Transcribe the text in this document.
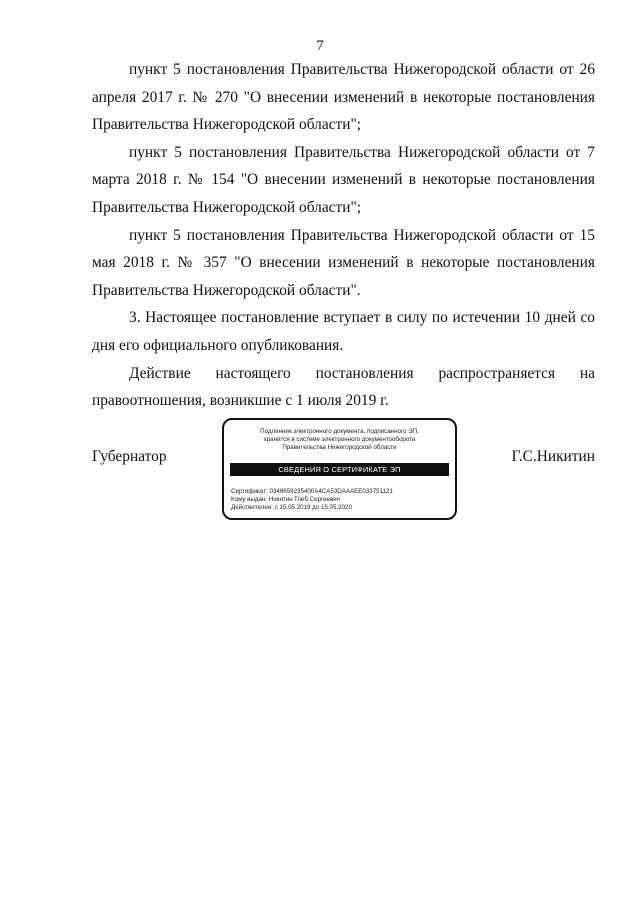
7

пункт 5 постановления Правительства Нижегородской области от 26 апреля 2017 г. № 270 "О внесении изменений в некоторые постановления Правительства Нижегородской области";

пункт 5 постановления Правительства Нижегородской области от 7 марта 2018 г. № 154 "О внесении изменений в некоторые постановления Правительства Нижегородской области";

пункт 5 постановления Правительства Нижегородской области от 15 мая 2018 г. № 357 "О внесении изменений в некоторые постановления Правительства Нижегородской области".

3. Настоящее постановление вступает в силу по истечении 10 дней со дня его официального опубликования.

Действие настоящего постановления распространяется на правоотношения, возникшие с 1 июля 2019 г.

Губернатор	Г.С.Никитин
Подлинник электронного документа, подписанного ЭП,
хранится в системе электронного документооборота
Правительства Нижегородской области
СВЕДЕНИЯ О СЕРТИФИКАТЕ ЭП
Сертификат: 0348659235400A4CA53DAAAEE033751121
Кому выдан: Никитин Глеб Сергеевич
Действителен: с 15.05.2019 до 15.05.2020
